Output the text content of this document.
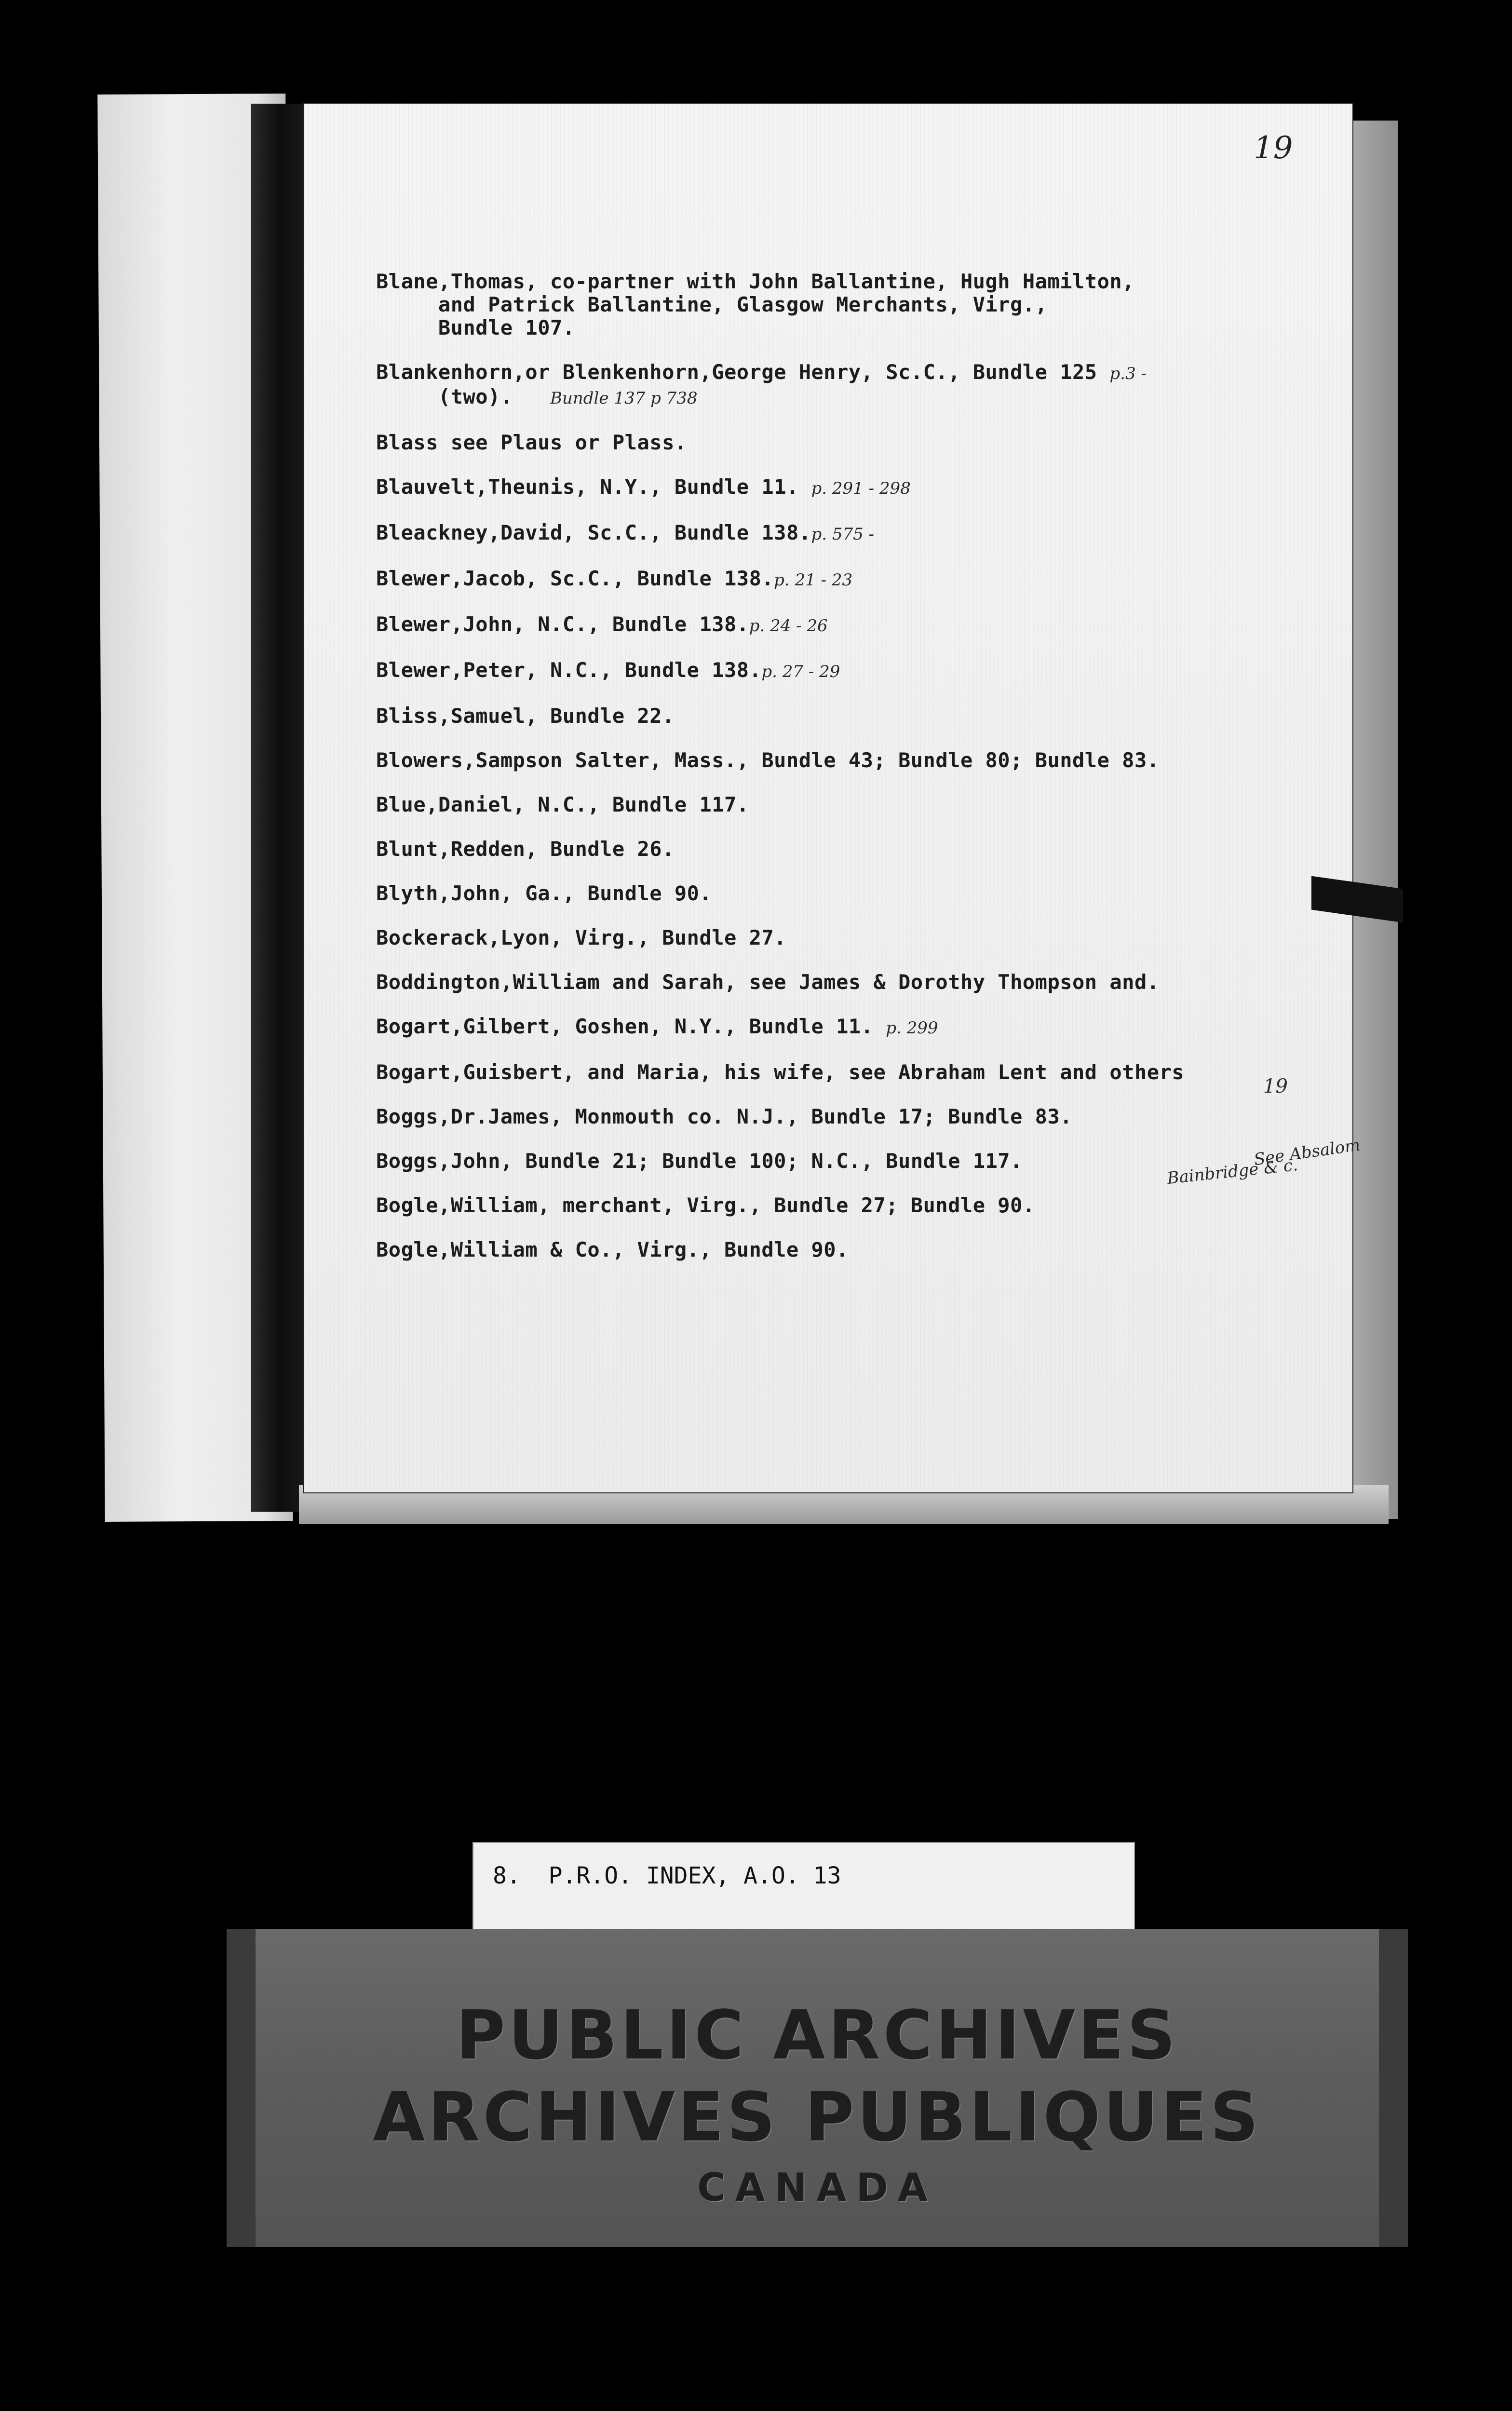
19
Blane,Thomas, co-partner with John Ballantine, Hugh Hamilton,
and Patrick Ballantine, Glasgow Merchants, Virg.,
Bundle 107.
Blankenhorn,or Blenkenhorn,George Henry, Sc.C., Bundle 125 p.3 -
(two). Bundle 137 p 738
Blass see Plaus or Plass.
Blauvelt,Theunis, N.Y., Bundle 11. p. 291 - 298
Bleackney,David, Sc.C., Bundle 138.p. 575 -
Blewer,Jacob, Sc.C., Bundle 138.p. 21 - 23
Blewer,John, N.C., Bundle 138.p. 24 - 26
Blewer,Peter, N.C., Bundle 138.p. 27 - 29
Bliss,Samuel, Bundle 22.
Blowers,Sampson Salter, Mass., Bundle 43; Bundle 80; Bundle 83.
Blue,Daniel, N.C., Bundle 117.
Blunt,Redden, Bundle 26.
Blyth,John, Ga., Bundle 90.
Bockerack,Lyon, Virg., Bundle 27.
Boddington,William and Sarah, see James & Dorothy Thompson and.
Bogart,Gilbert, Goshen, N.Y., Bundle 11. p. 299
Bogart,Guisbert, and Maria, his wife, see Abraham Lent and others
Boggs,Dr.James, Monmouth co. N.J., Bundle 17; Bundle 83.
Boggs,John, Bundle 21; Bundle 100; N.C., Bundle 117.
Bogle,William, merchant, Virg., Bundle 27; Bundle 90.
Bogle,William & Co., Virg., Bundle 90.
19
See Absalom
Bainbridge & c.
8.  P.R.O. INDEX, A.O. 13
PUBLIC ARCHIVES
ARCHIVES PUBLIQUES
CANADA
